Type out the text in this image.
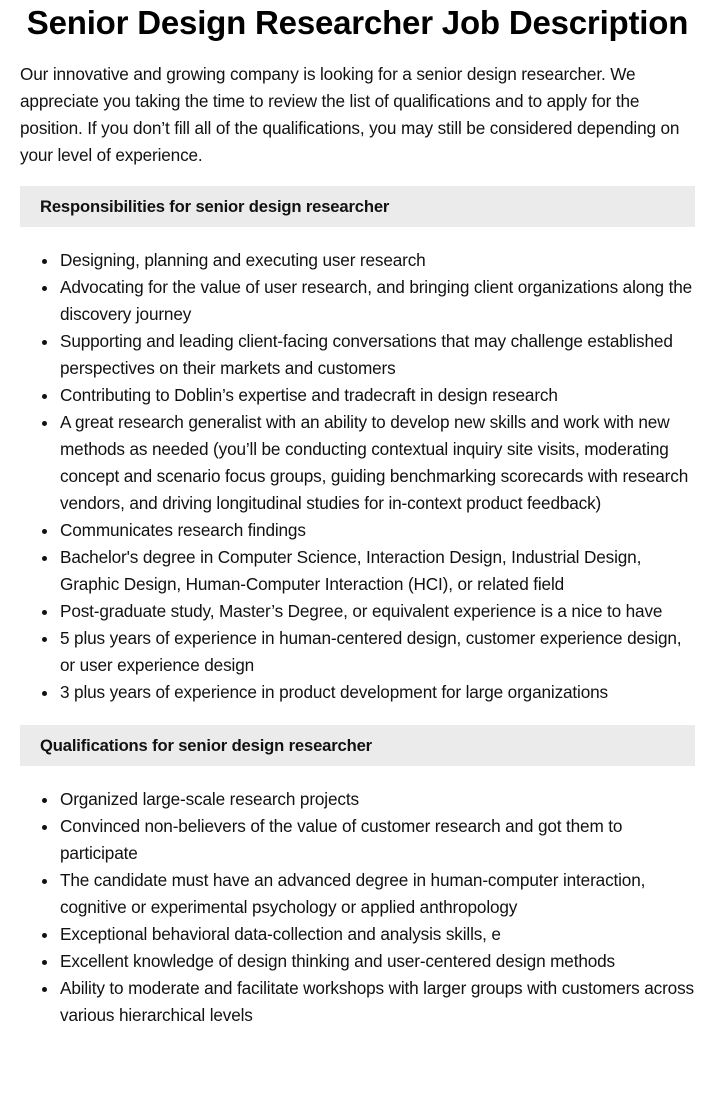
Senior Design Researcher Job Description

Our innovative and growing company is looking for a senior design researcher. We appreciate you taking the time to review the list of qualifications and to apply for the position. If you don’t fill all of the qualifications, you may still be considered depending on your level of experience.

Responsibilities for senior design researcher
Designing, planning and executing user research
Advocating for the value of user research, and bringing client organizations along the discovery journey
Supporting and leading client-facing conversations that may challenge established perspectives on their markets and customers
Contributing to Doblin’s expertise and tradecraft in design research
A great research generalist with an ability to develop new skills and work with new methods as needed (you’ll be conducting contextual inquiry site visits, moderating concept and scenario focus groups, guiding benchmarking scorecards with research vendors, and driving longitudinal studies for in-context product feedback)
Communicates research findings
Bachelor's degree in Computer Science, Interaction Design, Industrial Design, Graphic Design, Human-Computer Interaction (HCI), or related field
Post-graduate study, Master’s Degree, or equivalent experience is a nice to have
5 plus years of experience in human-centered design, customer experience design, or user experience design
3 plus years of experience in product development for large organizations
Qualifications for senior design researcher
Organized large-scale research projects
Convinced non-believers of the value of customer research and got them to participate
The candidate must have an advanced degree in human-computer interaction, cognitive or experimental psychology or applied anthropology
Exceptional behavioral data-collection and analysis skills, e
Excellent knowledge of design thinking and user-centered design methods
Ability to moderate and facilitate workshops with larger groups with customers across various hierarchical levels
